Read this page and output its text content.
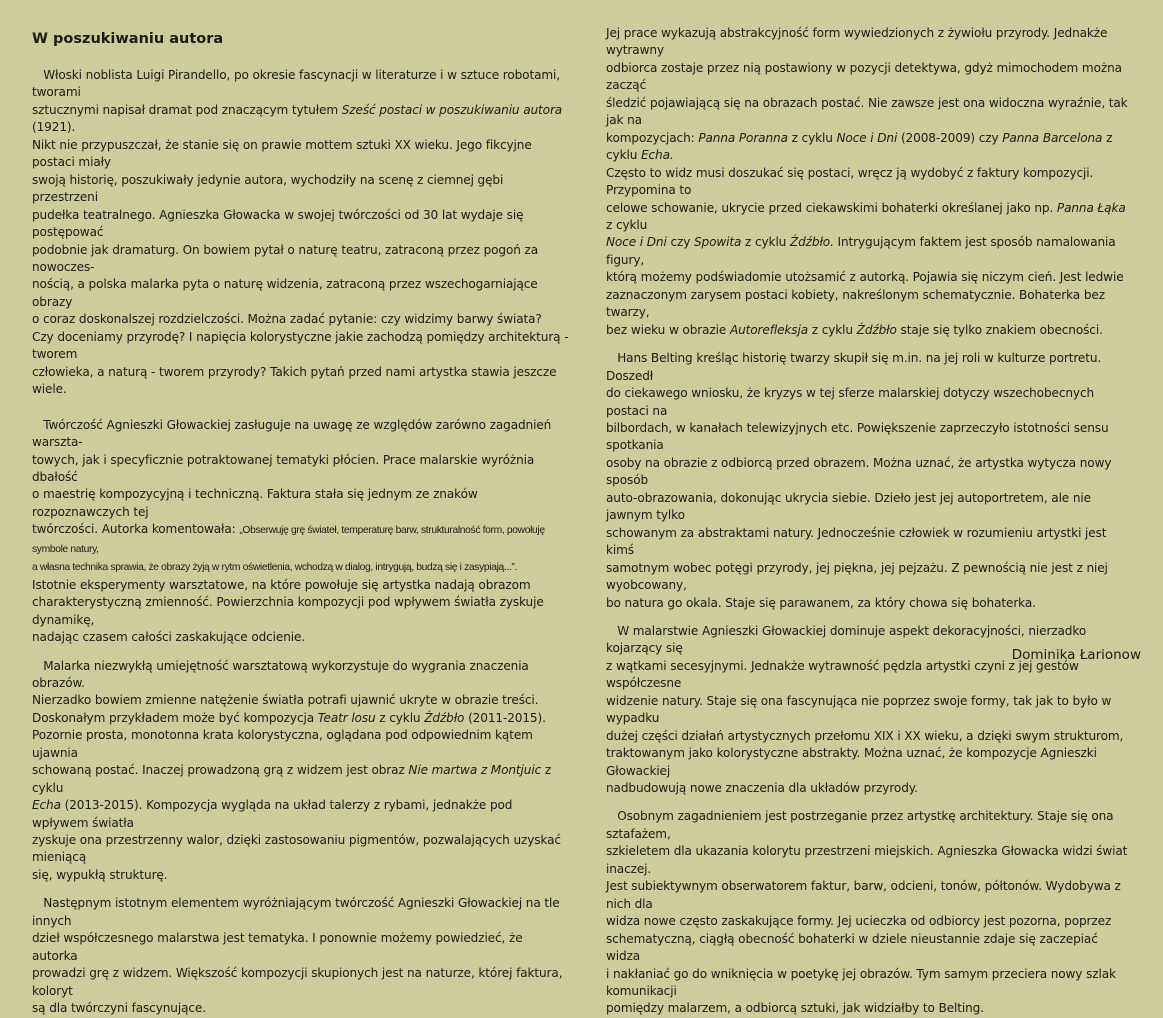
W poszukiwaniu autora

Włoski noblista Luigi Pirandello, po okresie fascynacji w literaturze i w sztuce robotami, tworami
sztucznymi napisał dramat pod znaczącym tytułem Sześć postaci w poszukiwaniu autora (1921).
Nikt nie przypuszczał, że stanie się on prawie mottem sztuki XX wieku. Jego fikcyjne postaci miały
swoją historię, poszukiwały jedynie autora, wychodziły na scenę z ciemnej gębi przestrzeni
pudełka teatralnego. Agnieszka Głowacka w swojej twórczości od 30 lat wydaje się postępować
podobnie jak dramaturg. On bowiem pytał o naturę teatru, zatraconą przez pogoń za nowoczes-
nością, a polska malarka pyta o naturę widzenia, zatraconą przez wszechogarniające obrazy
o coraz doskonalszej rozdzielczości. Można zadać pytanie: czy widzimy barwy świata?
Czy doceniamy przyrodę? I napięcia kolorystyczne jakie zachodzą pomiędzy architekturą - tworem
człowieka, a naturą - tworem przyrody? Takich pytań przed nami artystka stawia jeszcze wiele.

Twórczość Agnieszki Głowackiej zasługuje na uwagę ze względów zarówno zagadnień warszta-
towych, jak i specyficznie potraktowanej tematyki płócien. Prace malarskie wyróżnia dbałość
o maestrię kompozycyjną i techniczną. Faktura stała się jednym ze znaków rozpoznawczych tej
twórczości. Autorka komentowała: „Obserwuję grę świateł, temperaturę barw, strukturalność form, powołuję symbole natury,
a własna technika sprawia, że obrazy żyją w rytm oświetlenia, wchodzą w dialog, intrygują, budzą się i zasypiają...”.
Istotnie eksperymenty warsztatowe, na które powołuje się artystka nadają obrazom
charakterystyczną zmienność. Powierzchnia kompozycji pod wpływem światła zyskuje dynamikę,
nadając czasem całości zaskakujące odcienie.

Malarka niezwykłą umiejętność warsztatową wykorzystuje do wygrania znaczenia obrazów.
Nierzadko bowiem zmienne natężenie światła potrafi ujawnić ukryte w obrazie treści.
Doskonałym przykładem może być kompozycja Teatr losu z cyklu Źdźbło (2011-2015).
Pozornie prosta, monotonna krata kolorystyczna, oglądana pod odpowiednim kątem ujawnia
schowaną postać. Inaczej prowadzoną grą z widzem jest obraz Nie martwa z Montjuic z cyklu
Echa (2013-2015). Kompozycja wygląda na układ talerzy z rybami, jednakże pod wpływem światła
zyskuje ona przestrzenny walor, dzięki zastosowaniu pigmentów, pozwalających uzyskać mieniącą
się, wypukłą strukturę.

Następnym istotnym elementem wyróżniającym twórczość Agnieszki Głowackiej na tle innych
dzieł współczesnego malarstwa jest tematyka. I ponownie możemy powiedzieć, że autorka
prowadzi grę z widzem. Większość kompozycji skupionych jest na naturze, której faktura, koloryt
są dla twórczyni fascynujące.

Jej prace wykazują abstrakcyjność form wywiedzionych z żywiołu przyrody. Jednakże wytrawny
odbiorca zostaje przez nią postawiony w pozycji detektywa, gdyż mimochodem można zacząć
śledzić pojawiającą się na obrazach postać. Nie zawsze jest ona widoczna wyraźnie, tak jak na
kompozycjach: Panna Poranna z cyklu Noce i Dni (2008-2009) czy Panna Barcelona z cyklu Echa.
Często to widz musi doszukać się postaci, wręcz ją wydobyć z faktury kompozycji. Przypomina to
celowe schowanie, ukrycie przed ciekawskimi bohaterki określanej jako np. Panna Łąka z cyklu
Noce i Dni czy Spowita z cyklu Źdźbło. Intrygującym faktem jest sposób namalowania figury,
którą możemy podświadomie utożsamić z autorką. Pojawia się niczym cień. Jest ledwie
zaznaczonym zarysem postaci kobiety, nakreślonym schematycznie. Bohaterka bez twarzy,
bez wieku w obrazie Autorefleksja z cyklu Źdźbło staje się tylko znakiem obecności.

Hans Belting kreśląc historię twarzy skupił się m.in. na jej roli w kulturze portretu. Doszedł
do ciekawego wniosku, że kryzys w tej sferze malarskiej dotyczy wszechobecnych postaci na
bilbordach, w kanałach telewizyjnych etc. Powiększenie zaprzeczyło istotności sensu spotkania
osoby na obrazie z odbiorcą przed obrazem. Można uznać, że artystka wytycza nowy sposób
auto-obrazowania, dokonując ukrycia siebie. Dzieło jest jej autoportretem, ale nie jawnym tylko
schowanym za abstraktami natury. Jednocześnie człowiek w rozumieniu artystki jest kimś
samotnym wobec potęgi przyrody, jej piękna, jej pejzażu. Z pewnością nie jest z niej wyobcowany,
bo natura go okala. Staje się parawanem, za który chowa się bohaterka.

W malarstwie Agnieszki Głowackiej dominuje aspekt dekoracyjności, nierzadko kojarzący się
z wątkami secesyjnymi. Jednakże wytrawność pędzla artystki czyni z jej gestów współczesne
widzenie natury. Staje się ona fascynująca nie poprzez swoje formy, tak jak to było w wypadku
dużej części działań artystycznych przełomu XIX i XX wieku, a dzięki swym strukturom,
traktowanym jako kolorystyczne abstrakty. Można uznać, że kompozycje Agnieszki Głowackiej
nadbudowują nowe znaczenia dla układów przyrody.

Osobnym zagadnieniem jest postrzeganie przez artystkę architektury. Staje się ona sztafażem,
szkieletem dla ukazania kolorytu przestrzeni miejskich. Agnieszka Głowacka widzi świat inaczej.
Jest subiektywnym obserwatorem faktur, barw, odcieni, tonów, półtonów. Wydobywa z nich dla
widza nowe często zaskakujące formy. Jej ucieczka od odbiorcy jest pozorna, poprzez
schematyczną, ciągłą obecność bohaterki w dziele nieustannie zdaje się zaczepiać widza
i nakłaniać go do wniknięcia w poetykę jej obrazów. Tym samym przeciera nowy szlak komunikacji
pomiędzy malarzem, a odbiorcą sztuki, jak widziałby to Belting.

Dominika Łarionow
